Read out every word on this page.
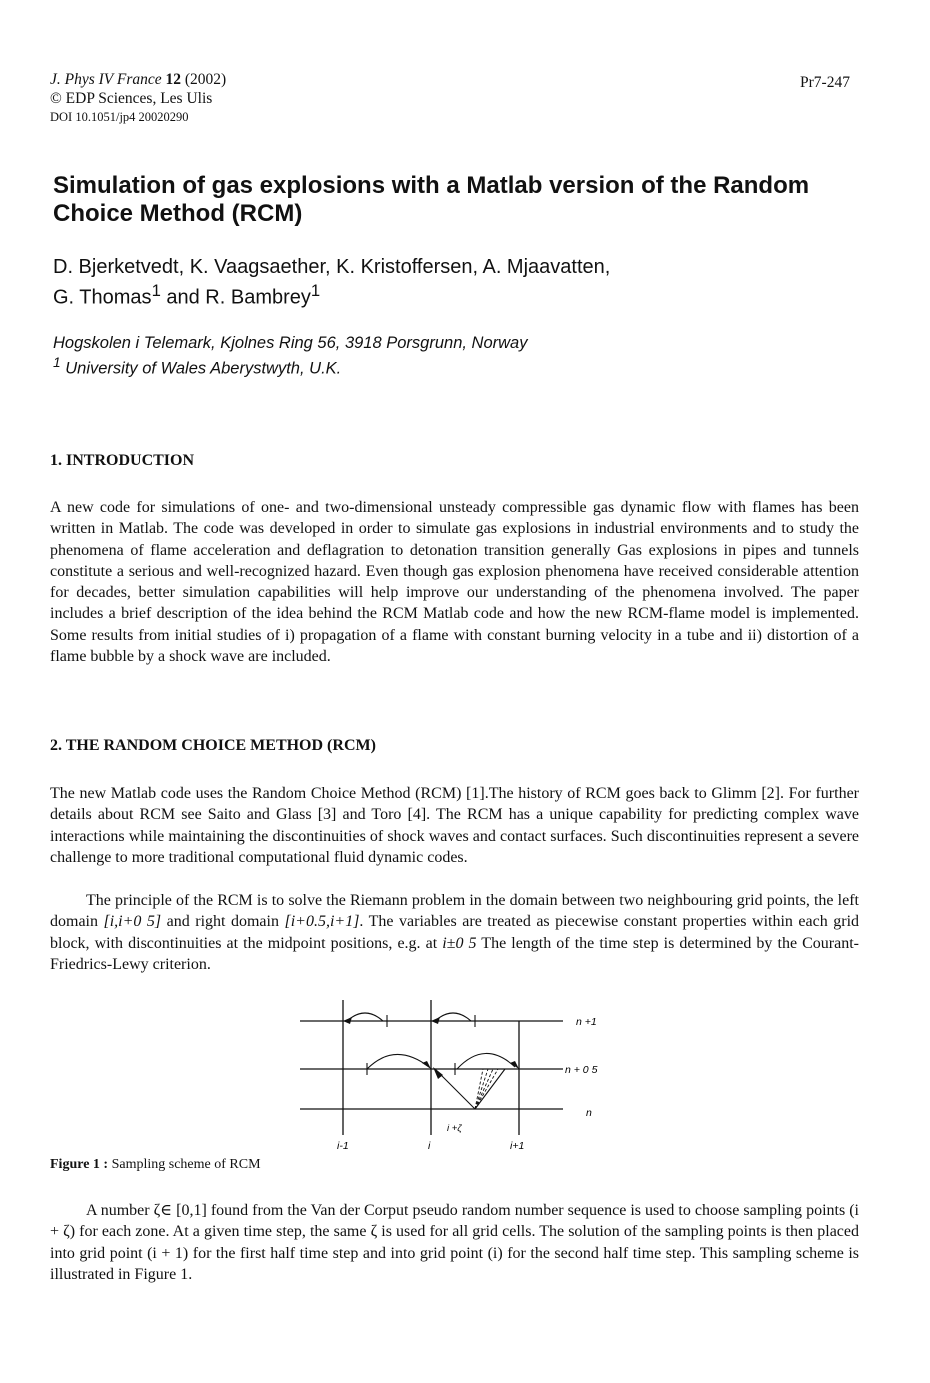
J. Phys IV France 12 (2002)
© EDP Sciences, Les Ulis
DOI 10.1051/jp4 20020290
Pr7-247
Simulation of gas explosions with a Matlab version of the Random Choice Method (RCM)
D. Bjerketvedt, K. Vaagsaether, K. Kristoffersen, A. Mjaavatten,
G. Thomas$^1$ and R. Bambrey$^1$
Hogskolen i Telemark, Kjolnes Ring 56, 3918 Porsgrunn, Norway
$^1$ University of Wales Aberystwyth, U.K.
1. INTRODUCTION

A new code for simulations of one- and two-dimensional unsteady compressible gas dynamic flow with flames has been written in Matlab. The code was developed in order to simulate gas explosions in industrial environments and to study the phenomena of flame acceleration and deflagration to detonation transition generally Gas explosions in pipes and tunnels constitute a serious and well-recognized hazard. Even though gas explosion phenomena have received considerable attention for decades, better simulation capabilities will help improve our understanding of the phenomena involved. The paper includes a brief description of the idea behind the RCM Matlab code and how the new RCM-flame model is implemented. Some results from initial studies of i) propagation of a flame with constant burning velocity in a tube and ii) distortion of a flame bubble by a shock wave are included.

2. THE RANDOM CHOICE METHOD (RCM)

The new Matlab code uses the Random Choice Method (RCM) [1].The history of RCM goes back to Glimm [2]. For further details about RCM see Saito and Glass [3] and Toro [4]. The RCM has a unique capability for predicting complex wave interactions while maintaining the discontinuities of shock waves and contact surfaces. Such discontinuities represent a severe challenge to more traditional computational fluid dynamic codes.

The principle of the RCM is to solve the Riemann problem in the domain between two neighbouring grid points, the left domain [i,i+0 5] and right domain [i+0.5,i+1]. The variables are treated as piecewise constant properties within each grid block, with discontinuities at the midpoint positions, e.g. at i±0 5 The length of the time step is determined by the Courant-Friedrics-Lewy criterion.

n +1
n + 0 5
n
i-1	i	i+1
i +ζ
Figure 1 : Sampling scheme of RCM

A number ζ∈ [0,1] found from the Van der Corput pseudo random number sequence is used to choose sampling points (i + ζ) for each zone. At a given time step, the same ζ is used for all grid cells. The solution of the sampling points is then placed into grid point (i + 1) for the first half time step and into grid point (i) for the second half time step. This sampling scheme is illustrated in Figure 1.
